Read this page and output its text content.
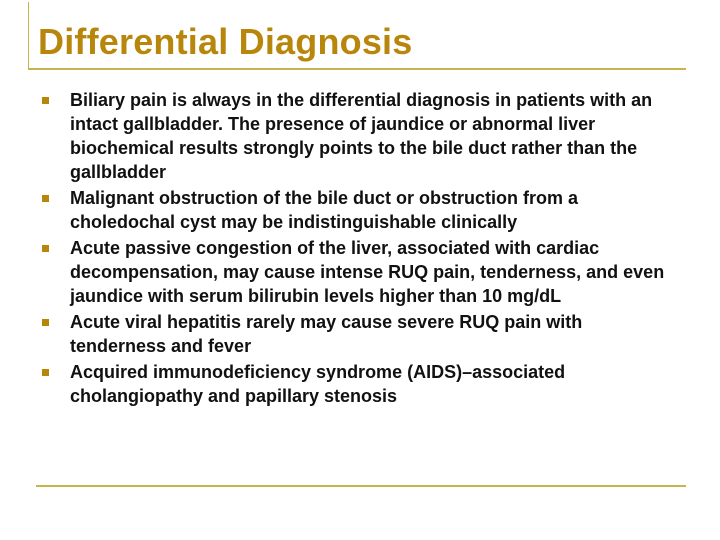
Differential Diagnosis
Biliary pain is always in the differential diagnosis in patients with an intact gallbladder. The presence of jaundice or abnormal liver biochemical results strongly points to the bile duct rather than the gallbladder
Malignant obstruction of the bile duct or obstruction from a choledochal cyst may be indistinguishable clinically
Acute passive congestion of the liver, associated with cardiac decompensation, may cause intense RUQ pain, tenderness, and even jaundice with serum bilirubin levels higher than 10 mg/dL
Acute viral hepatitis rarely may cause severe RUQ pain with tenderness and fever
Acquired immunodeficiency syndrome (AIDS)–associated cholangiopathy and papillary stenosis
